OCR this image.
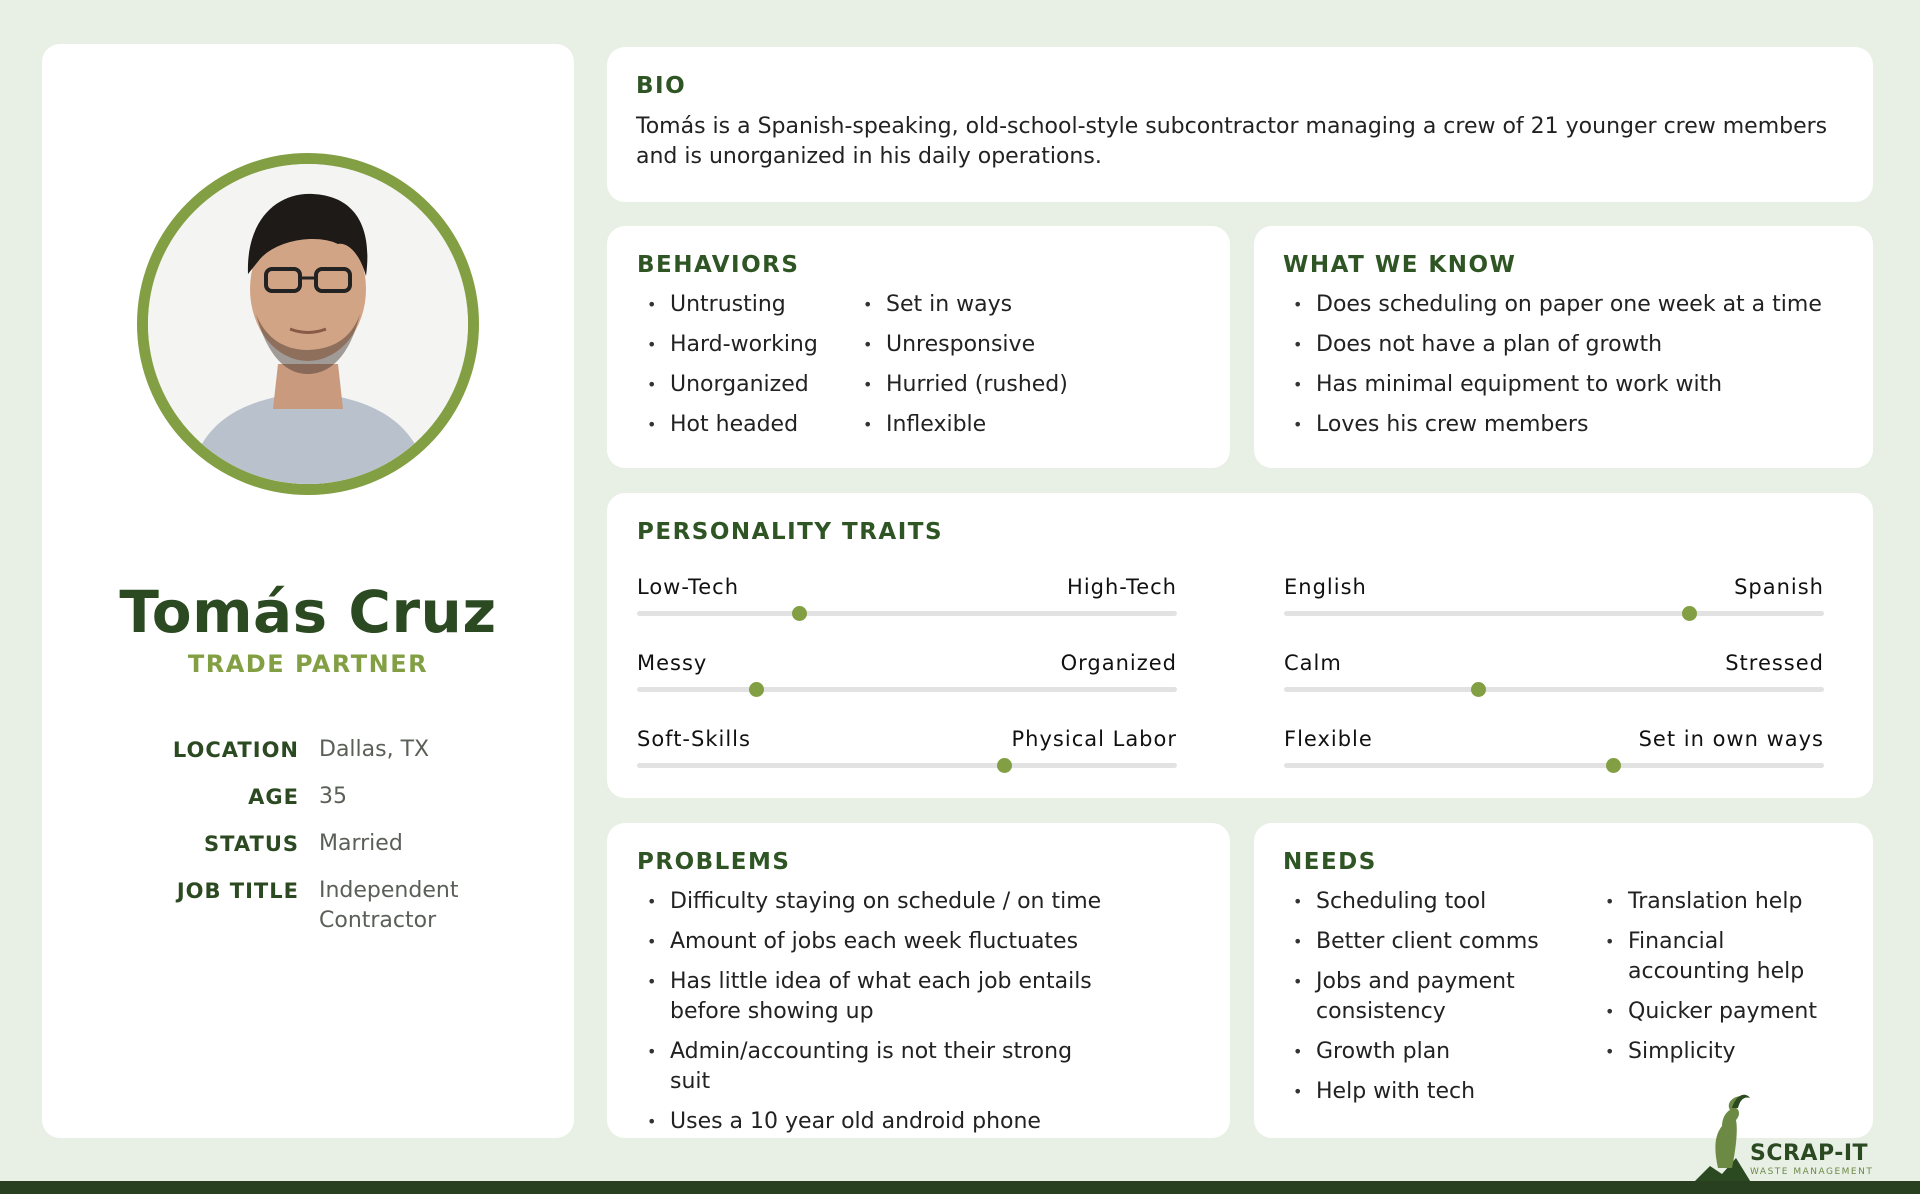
Tomás Cruz
TRADE PARTNER
LOCATION Dallas, TX
AGE 35
STATUS Married
JOB TITLE Independent Contractor
BIO
Tomás is a Spanish-speaking, old-school-style subcontractor managing a crew of 21 younger crew members and is unorganized in his daily operations.
BEHAVIORS
• Untrusting
• Hard-working
• Unorganized
• Hot headed
• Set in ways
• Unresponsive
• Hurried (rushed)
• Inflexible
WHAT WE KNOW
• Does scheduling on paper one week at a time
• Does not have a plan of growth
• Has minimal equipment to work with
• Loves his crew members
PERSONALITY TRAITS
Low-Tech	High-Tech	English	Spanish
Messy	Organized	Calm	Stressed
Soft-Skills	Physical Labor	Flexible	Set in own ways
PROBLEMS
• Difficulty staying on schedule / on time
• Amount of jobs each week fluctuates
• Has little idea of what each job entails before showing up
• Admin/accounting is not their strong suit
• Uses a 10 year old android phone
NEEDS
• Scheduling tool
• Better client comms
• Jobs and payment consistency
• Growth plan
• Help with tech
• Translation help
• Financial accounting help
• Quicker payment
• Simplicity
SCRAP-IT
WASTE MANAGEMENT
